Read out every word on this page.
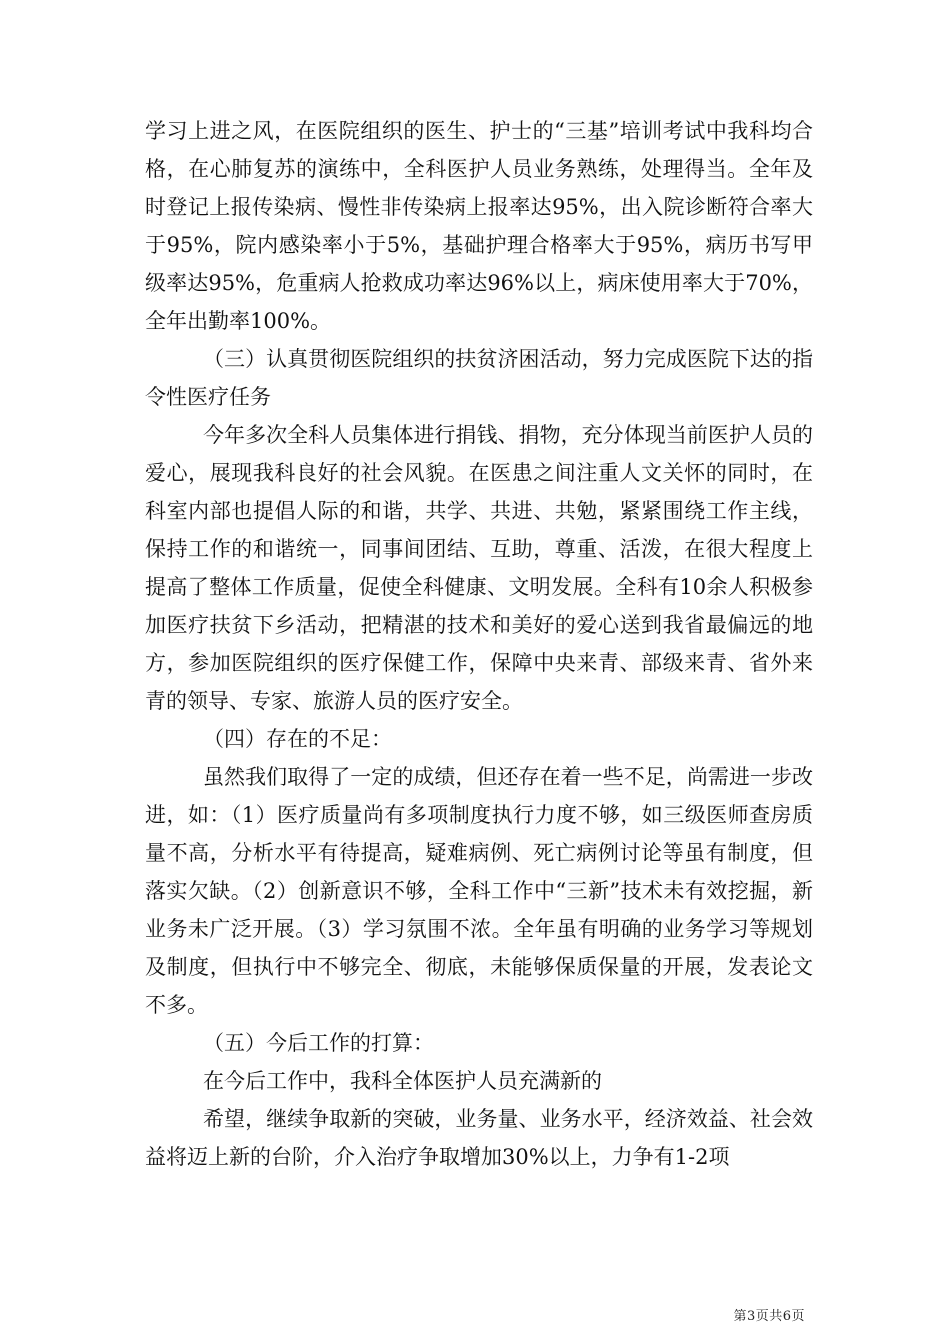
学习上进之风，在医院组织的医生、护士的“三基”培训考试中我科均合格，在心肺复苏的演练中，全科医护人员业务熟练，处理得当。全年及时登记上报传染病、慢性非传染病上报率达95%，出入院诊断符合率大于95%，院内感染率小于5%，基础护理合格率大于95%，病历书写甲级率达95%，危重病人抢救成功率达96%以上，病床使用率大于70%，全年出勤率100%。

（三）认真贯彻医院组织的扶贫济困活动，努力完成医院下达的指令性医疗任务

今年多次全科人员集体进行捐钱、捐物，充分体现当前医护人员的爱心，展现我科良好的社会风貌。在医患之间注重人文关怀的同时，在科室内部也提倡人际的和谐，共学、共进、共勉，紧紧围绕工作主线，保持工作的和谐统一，同事间团结、互助，尊重、活泼，在很大程度上提高了整体工作质量，促使全科健康、文明发展。全科有10余人积极参加医疗扶贫下乡活动，把精湛的技术和美好的爱心送到我省最偏远的地方，参加医院组织的医疗保健工作，保障中央来青、部级来青、省外来青的领导、专家、旅游人员的医疗安全。

（四）存在的不足：

虽然我们取得了一定的成绩，但还存在着一些不足，尚需进一步改进，如：（1）医疗质量尚有多项制度执行力度不够，如三级医师查房质量不高，分析水平有待提高，疑难病例、死亡病例讨论等虽有制度，但落实欠缺。（2）创新意识不够，全科工作中“三新”技术未有效挖掘，新业务未广泛开展。（3）学习氛围不浓。全年虽有明确的业务学习等规划及制度，但执行中不够完全、彻底，未能够保质保量的开展，发表论文不多。

（五）今后工作的打算：

在今后工作中，我科全体医护人员充满新的

希望，继续争取新的突破，业务量、业务水平，经济效益、社会效益将迈上新的台阶，介入治疗争取增加30%以上，力争有1-2项

第3页共6页
